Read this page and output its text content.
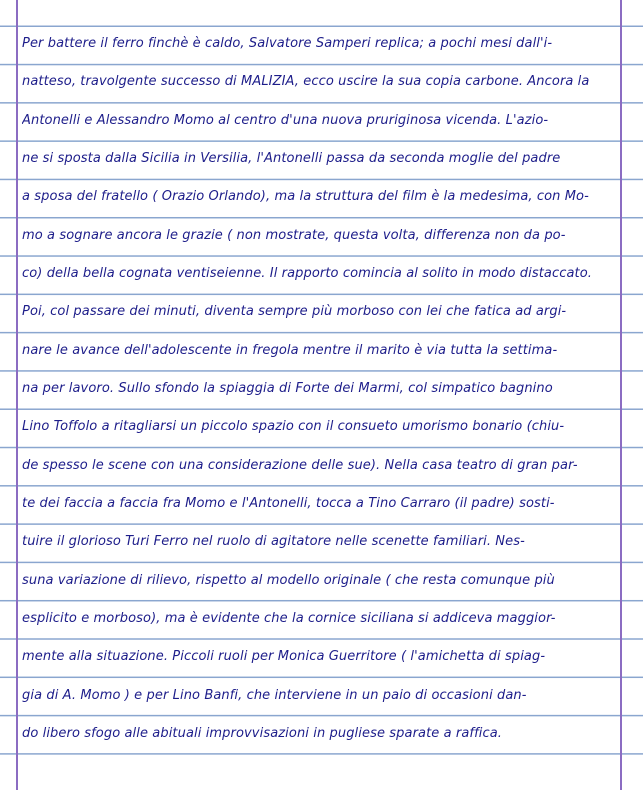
Per battere il ferro finchè è caldo, Salvatore Samperi replica; a pochi mesi dall'i-
natteso, travolgente successo di MALIZIA, ecco uscire la sua copia carbone. Ancora la
Antonelli e Alessandro Momo al centro d'una nuova pruriginosa vicenda. L'azio-
ne si sposta dalla Sicilia in Versilia, l'Antonelli passa da seconda moglie del padre
a sposa del fratello ( Orazio Orlando), ma la struttura del film è la medesima, con Mo-
mo a sognare ancora le grazie ( non mostrate, questa volta, differenza non da po-
co) della bella cognata ventiseienne. Il rapporto comincia al solito in modo distaccato.
Poi, col passare dei minuti, diventa sempre più morboso con lei che fatica ad argi-
nare le avance dell'adolescente in fregola mentre il marito è via tutta la settima-
na per lavoro. Sullo sfondo la spiaggia di Forte dei Marmi, col simpatico bagnino
Lino Toffolo a ritagliarsi un piccolo spazio con il consueto umorismo bonario (chiu-
de spesso le scene con una considerazione delle sue). Nella casa teatro di gran par-
te dei faccia a faccia fra Momo e l'Antonelli, tocca a Tino Carraro (il padre) sosti-
tuire il glorioso Turi Ferro nel ruolo di agitatore nelle scenette familiari. Nes-
suna variazione di rilievo, rispetto al modello originale ( che resta comunque più
esplicito e morboso), ma è evidente che la cornice siciliana si addiceva maggior-
mente alla situazione. Piccoli ruoli per Monica Guerritore ( l'amichetta di spiag-
gia di A. Momo ) e per Lino Banfi, che interviene in un paio di occasioni dan-
do libero sfogo alle abituali improvvisazioni in pugliese sparate a raffica.
